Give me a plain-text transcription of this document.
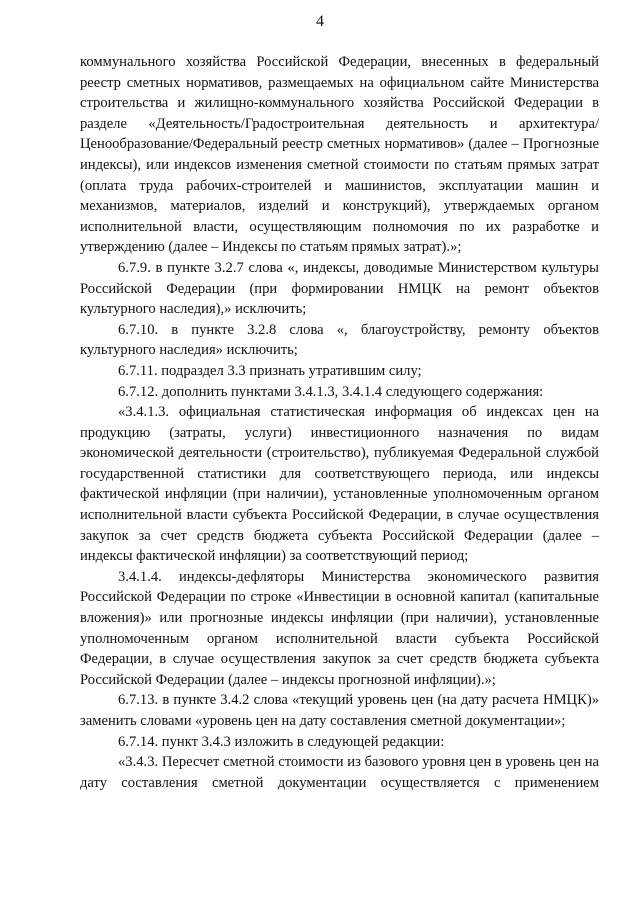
4

коммунального хозяйства Российской Федерации, внесенных в федеральный реестр сметных нормативов, размещаемых на официальном сайте Министерства строительства и жилищно-коммунального хозяйства Российской Федерации в разделе «Деятельность/Градостроительная деятельность и архитектура/Ценообразование/Федеральный реестр сметных нормативов» (далее – Прогнозные индексы), или индексов изменения сметной стоимости по статьям прямых затрат (оплата труда рабочих-строителей и машинистов, эксплуатации машин и механизмов, материалов, изделий и конструкций), утверждаемых органом исполнительной власти, осуществляющим полномочия по их разработке и утверждению (далее – Индексы по статьям прямых затрат).»;

6.7.9. в пункте 3.2.7 слова «, индексы, доводимые Министерством культуры Российской Федерации (при формировании НМЦК на ремонт объектов культурного наследия),» исключить;

6.7.10. в пункте 3.2.8 слова «, благоустройству, ремонту объектов культурного наследия» исключить;

6.7.11. подраздел 3.3 признать утратившим силу;

6.7.12. дополнить пунктами 3.4.1.3, 3.4.1.4 следующего содержания:

«3.4.1.3. официальная статистическая информация об индексах цен на продукцию (затраты, услуги) инвестиционного назначения по видам экономической деятельности (строительство), публикуемая Федеральной службой государственной статистики для соответствующего периода, или индексы фактической инфляции (при наличии), установленные уполномоченным органом исполнительной власти субъекта Российской Федерации, в случае осуществления закупок за счет средств бюджета субъекта Российской Федерации (далее – индексы фактической инфляции) за соответствующий период;

3.4.1.4. индексы-дефляторы Министерства экономического развития Российской Федерации по строке «Инвестиции в основной капитал (капитальные вложения)» или прогнозные индексы инфляции (при наличии), установленные уполномоченным органом исполнительной власти субъекта Российской Федерации, в случае осуществления закупок за счет средств бюджета субъекта Российской Федерации (далее – индексы прогнозной инфляции).»;

6.7.13. в пункте 3.4.2 слова «текущий уровень цен (на дату расчета НМЦК)» заменить словами «уровень цен на дату составления сметной документации»;

6.7.14. пункт 3.4.3 изложить в следующей редакции:

«3.4.3. Пересчет сметной стоимости из базового уровня цен в уровень цен на дату составления сметной документации осуществляется с применением
